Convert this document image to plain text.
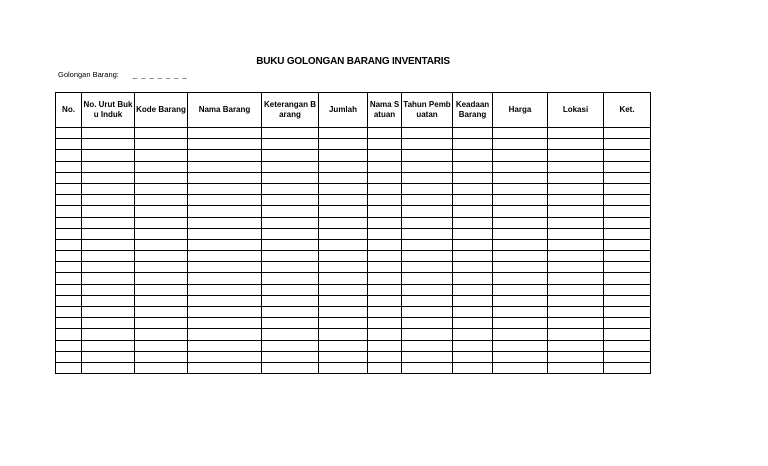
BUKU GOLONGAN BARANG INVENTARIS
Golongan Barang: _ _ _ _ _ _ _
No.	No. Urut Buku Induk	Kode Barang	Nama Barang	Keterangan Barang	Jumlah	Nama Satuan	Tahun Pembuatan	Keadaan Barang	Harga	Lokasi	Ket.
